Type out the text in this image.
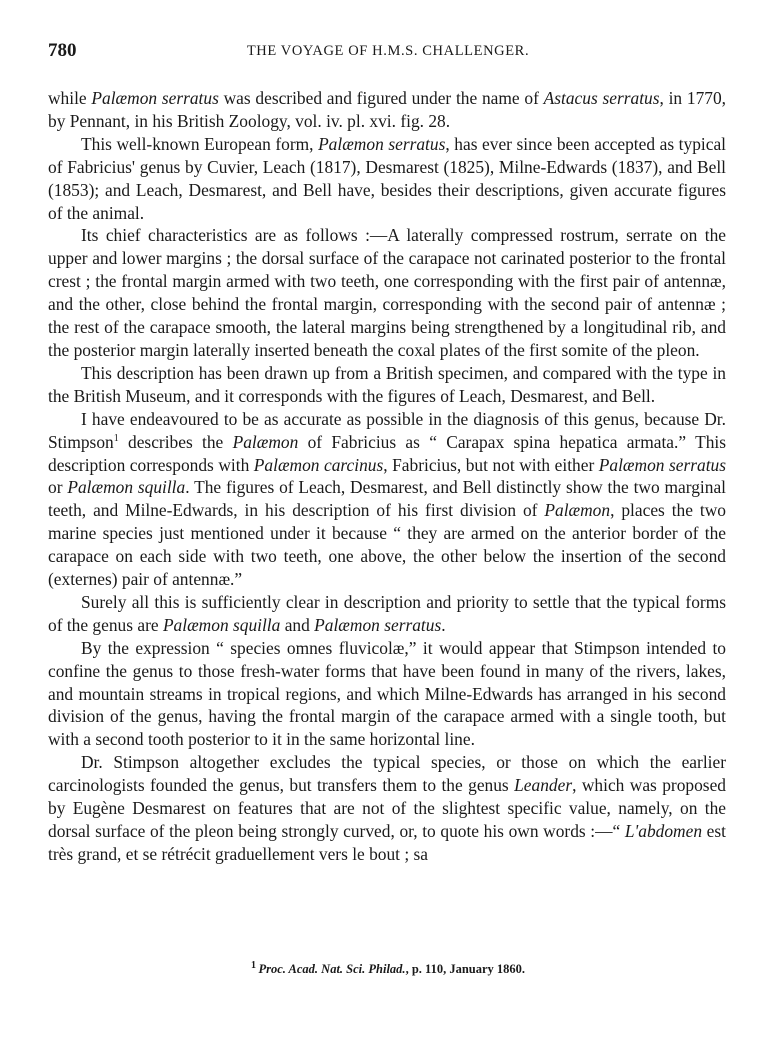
780	THE VOYAGE OF H.M.S. CHALLENGER.

while Palæmon serratus was described and figured under the name of Astacus serratus, in 1770, by Pennant, in his British Zoology, vol. iv. pl. xvi. fig. 28.

This well-known European form, Palæmon serratus, has ever since been accepted as typical of Fabricius' genus by Cuvier, Leach (1817), Desmarest (1825), Milne-Edwards (1837), and Bell (1853); and Leach, Desmarest, and Bell have, besides their descriptions, given accurate figures of the animal.

Its chief characteristics are as follows :—A laterally compressed rostrum, serrate on the upper and lower margins ; the dorsal surface of the carapace not carinated posterior to the frontal crest ; the frontal margin armed with two teeth, one corresponding with the first pair of antennæ, and the other, close behind the frontal margin, corresponding with the second pair of antennæ ; the rest of the carapace smooth, the lateral margins being strengthened by a longitudinal rib, and the posterior margin laterally inserted beneath the coxal plates of the first somite of the pleon.

This description has been drawn up from a British specimen, and compared with the type in the British Museum, and it corresponds with the figures of Leach, Desmarest, and Bell.

I have endeavoured to be as accurate as possible in the diagnosis of this genus, because Dr. Stimpson$^1$ describes the Palæmon of Fabricius as “ Carapax spina hepatica armata.” This description corresponds with Palæmon carcinus, Fabricius, but not with either Palæmon serratus or Palæmon squilla. The figures of Leach, Desmarest, and Bell distinctly show the two marginal teeth, and Milne-Edwards, in his description of his first division of Palæmon, places the two marine species just mentioned under it because “ they are armed on the anterior border of the carapace on each side with two teeth, one above, the other below the insertion of the second (externes) pair of antennæ.”

Surely all this is sufficiently clear in description and priority to settle that the typical forms of the genus are Palæmon squilla and Palæmon serratus.

By the expression “ species omnes fluvicolæ,” it would appear that Stimpson intended to confine the genus to those fresh-water forms that have been found in many of the rivers, lakes, and mountain streams in tropical regions, and which Milne-Edwards has arranged in his second division of the genus, having the frontal margin of the carapace armed with a single tooth, but with a second tooth posterior to it in the same horizontal line.

Dr. Stimpson altogether excludes the typical species, or those on which the earlier carcinologists founded the genus, but transfers them to the genus Leander, which was proposed by Eugène Desmarest on features that are not of the slightest specific value, namely, on the dorsal surface of the pleon being strongly curved, or, to quote his own words :—“ L'abdomen est très grand, et se rétrécit graduellement vers le bout ; sa

$^1$ Proc. Acad. Nat. Sci. Philad., p. 110, January 1860.
